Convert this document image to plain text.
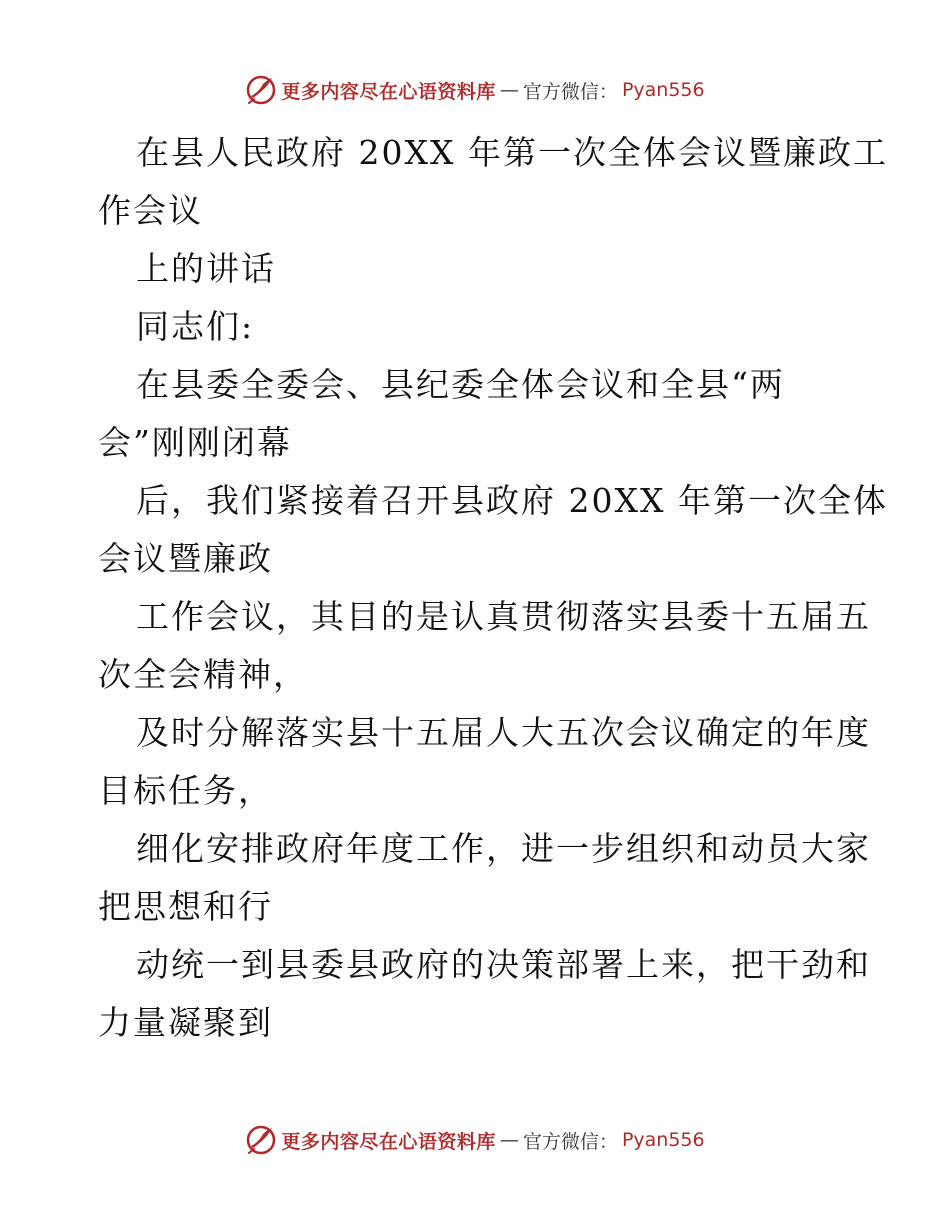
更多内容尽在心语资料库 — 官方微信： Pyan556
在县人民政府 20XX 年第一次全体会议暨廉政工
作会议
上的讲话
同志们:
在县委全委会、县纪委全体会议和全县“两
会”刚刚闭幕
后，我们紧接着召开县政府 20XX 年第一次全体
会议暨廉政
工作会议，其目的是认真贯彻落实县委十五届五
次全会精神，
及时分解落实县十五届人大五次会议确定的年度
目标任务，
细化安排政府年度工作，进一步组织和动员大家
把思想和行
动统一到县委县政府的决策部署上来，把干劲和
力量凝聚到
更多内容尽在心语资料库 — 官方微信： Pyan556
